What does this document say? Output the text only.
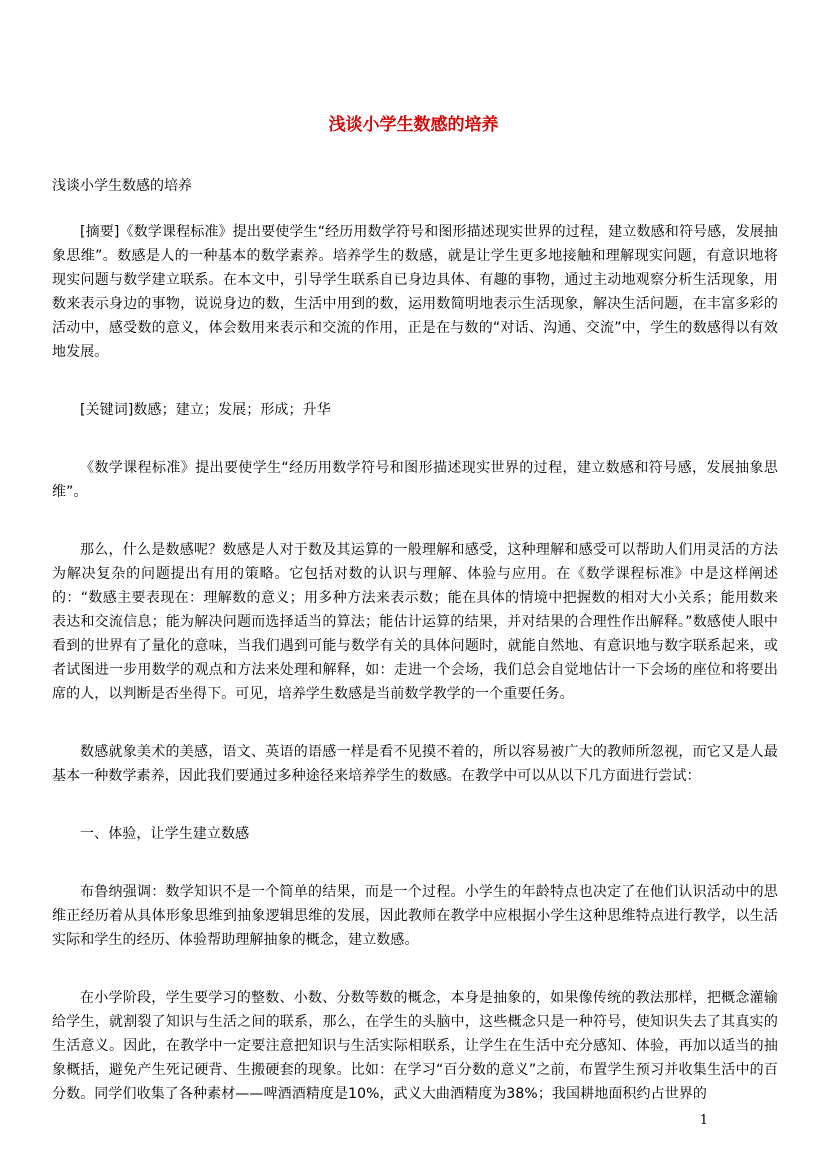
浅谈小学生数感的培养

浅谈小学生数感的培养

[摘要]《数学课程标准》提出要使学生“经历用数学符号和图形描述现实世界的过程，建立数感和符号感，发展抽象思维”。数感是人的一种基本的数学素养。培养学生的数感，就是让学生更多地接触和理解现实问题，有意识地将现实问题与数学建立联系。在本文中，引导学生联系自已身边具体、有趣的事物，通过主动地观察分析生活现象，用数来表示身边的事物，说说身边的数，生活中用到的数，运用数简明地表示生活现象，解决生活问题，在丰富多彩的活动中，感受数的意义，体会数用来表示和交流的作用，正是在与数的“对话、沟通、交流”中，学生的数感得以有效地发展。

[关键词]数感；建立；发展；形成；升华

《数学课程标准》提出要使学生“经历用数学符号和图形描述现实世界的过程，建立数感和符号感，发展抽象思维”。

那么，什么是数感呢？数感是人对于数及其运算的一般理解和感受，这种理解和感受可以帮助人们用灵活的方法为解决复杂的问题提出有用的策略。它包括对数的认识与理解、体验与应用。在《数学课程标准》中是这样阐述的：“数感主要表现在：理解数的意义；用多种方法来表示数；能在具体的情境中把握数的相对大小关系；能用数来表达和交流信息；能为解决问题而选择适当的算法；能估计运算的结果，并对结果的合理性作出解释。”数感使人眼中看到的世界有了量化的意味，当我们遇到可能与数学有关的具体问题时，就能自然地、有意识地与数字联系起来，或者试图进一步用数学的观点和方法来处理和解释，如：走进一个会场，我们总会自觉地估计一下会场的座位和将要出席的人，以判断是否坐得下。可见，培养学生数感是当前数学教学的一个重要任务。

数感就象美术的美感，语文、英语的语感一样是看不见摸不着的，所以容易被广大的教师所忽视，而它又是人最基本一种数学素养，因此我们要通过多种途径来培养学生的数感。在教学中可以从以下几方面进行尝试：

一、体验，让学生建立数感

布鲁纳强调：数学知识不是一个简单的结果，而是一个过程。小学生的年龄特点也决定了在他们认识活动中的思维正经历着从具体形象思维到抽象逻辑思维的发展，因此教师在教学中应根据小学生这种思维特点进行教学，以生活实际和学生的经历、体验帮助理解抽象的概念，建立数感。

在小学阶段，学生要学习的整数、小数、分数等数的概念，本身是抽象的，如果像传统的教法那样，把概念灌输给学生，就割裂了知识与生活之间的联系，那么，在学生的头脑中，这些概念只是一种符号，使知识失去了其真实的生活意义。因此，在教学中一定要注意把知识与生活实际相联系，让学生在生活中充分感知、体验，再加以适当的抽象概括，避免产生死记硬背、生搬硬套的现象。比如：在学习“百分数的意义”之前，布置学生预习并收集生活中的百分数。同学们收集了各种素材——啤酒酒精度是10%，武义大曲酒精度为38%；我国耕地面积约占世界的

1
